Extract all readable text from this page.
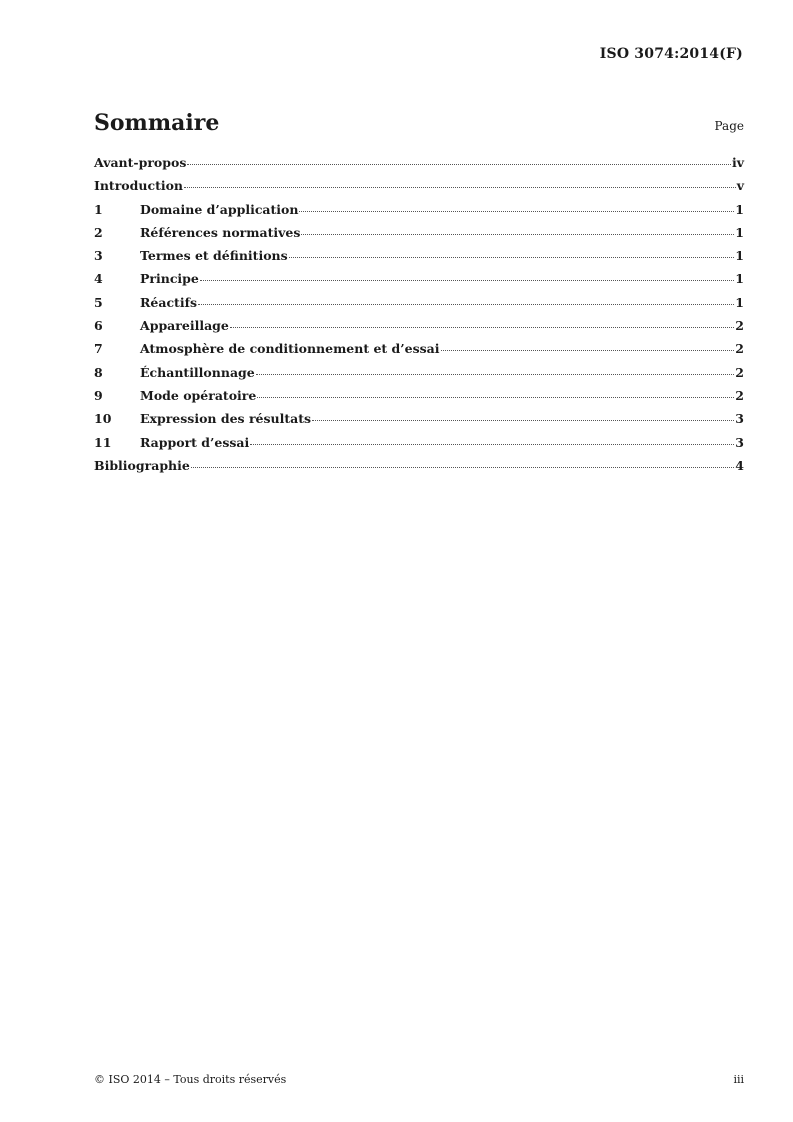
ISO 3074:2014(F)
Sommaire	Page
Avant-propos	iv
Introduction	v
1	Domaine d’application	1
2	Références normatives	1
3	Termes et définitions	1
4	Principe	1
5	Réactifs	1
6	Appareillage	2
7	Atmosphère de conditionnement et d’essai	2
8	Échantillonnage	2
9	Mode opératoire	2
10	Expression des résultats	3
11	Rapport d’essai	3
Bibliographie	4
© ISO 2014 – Tous droits réservés	iii
